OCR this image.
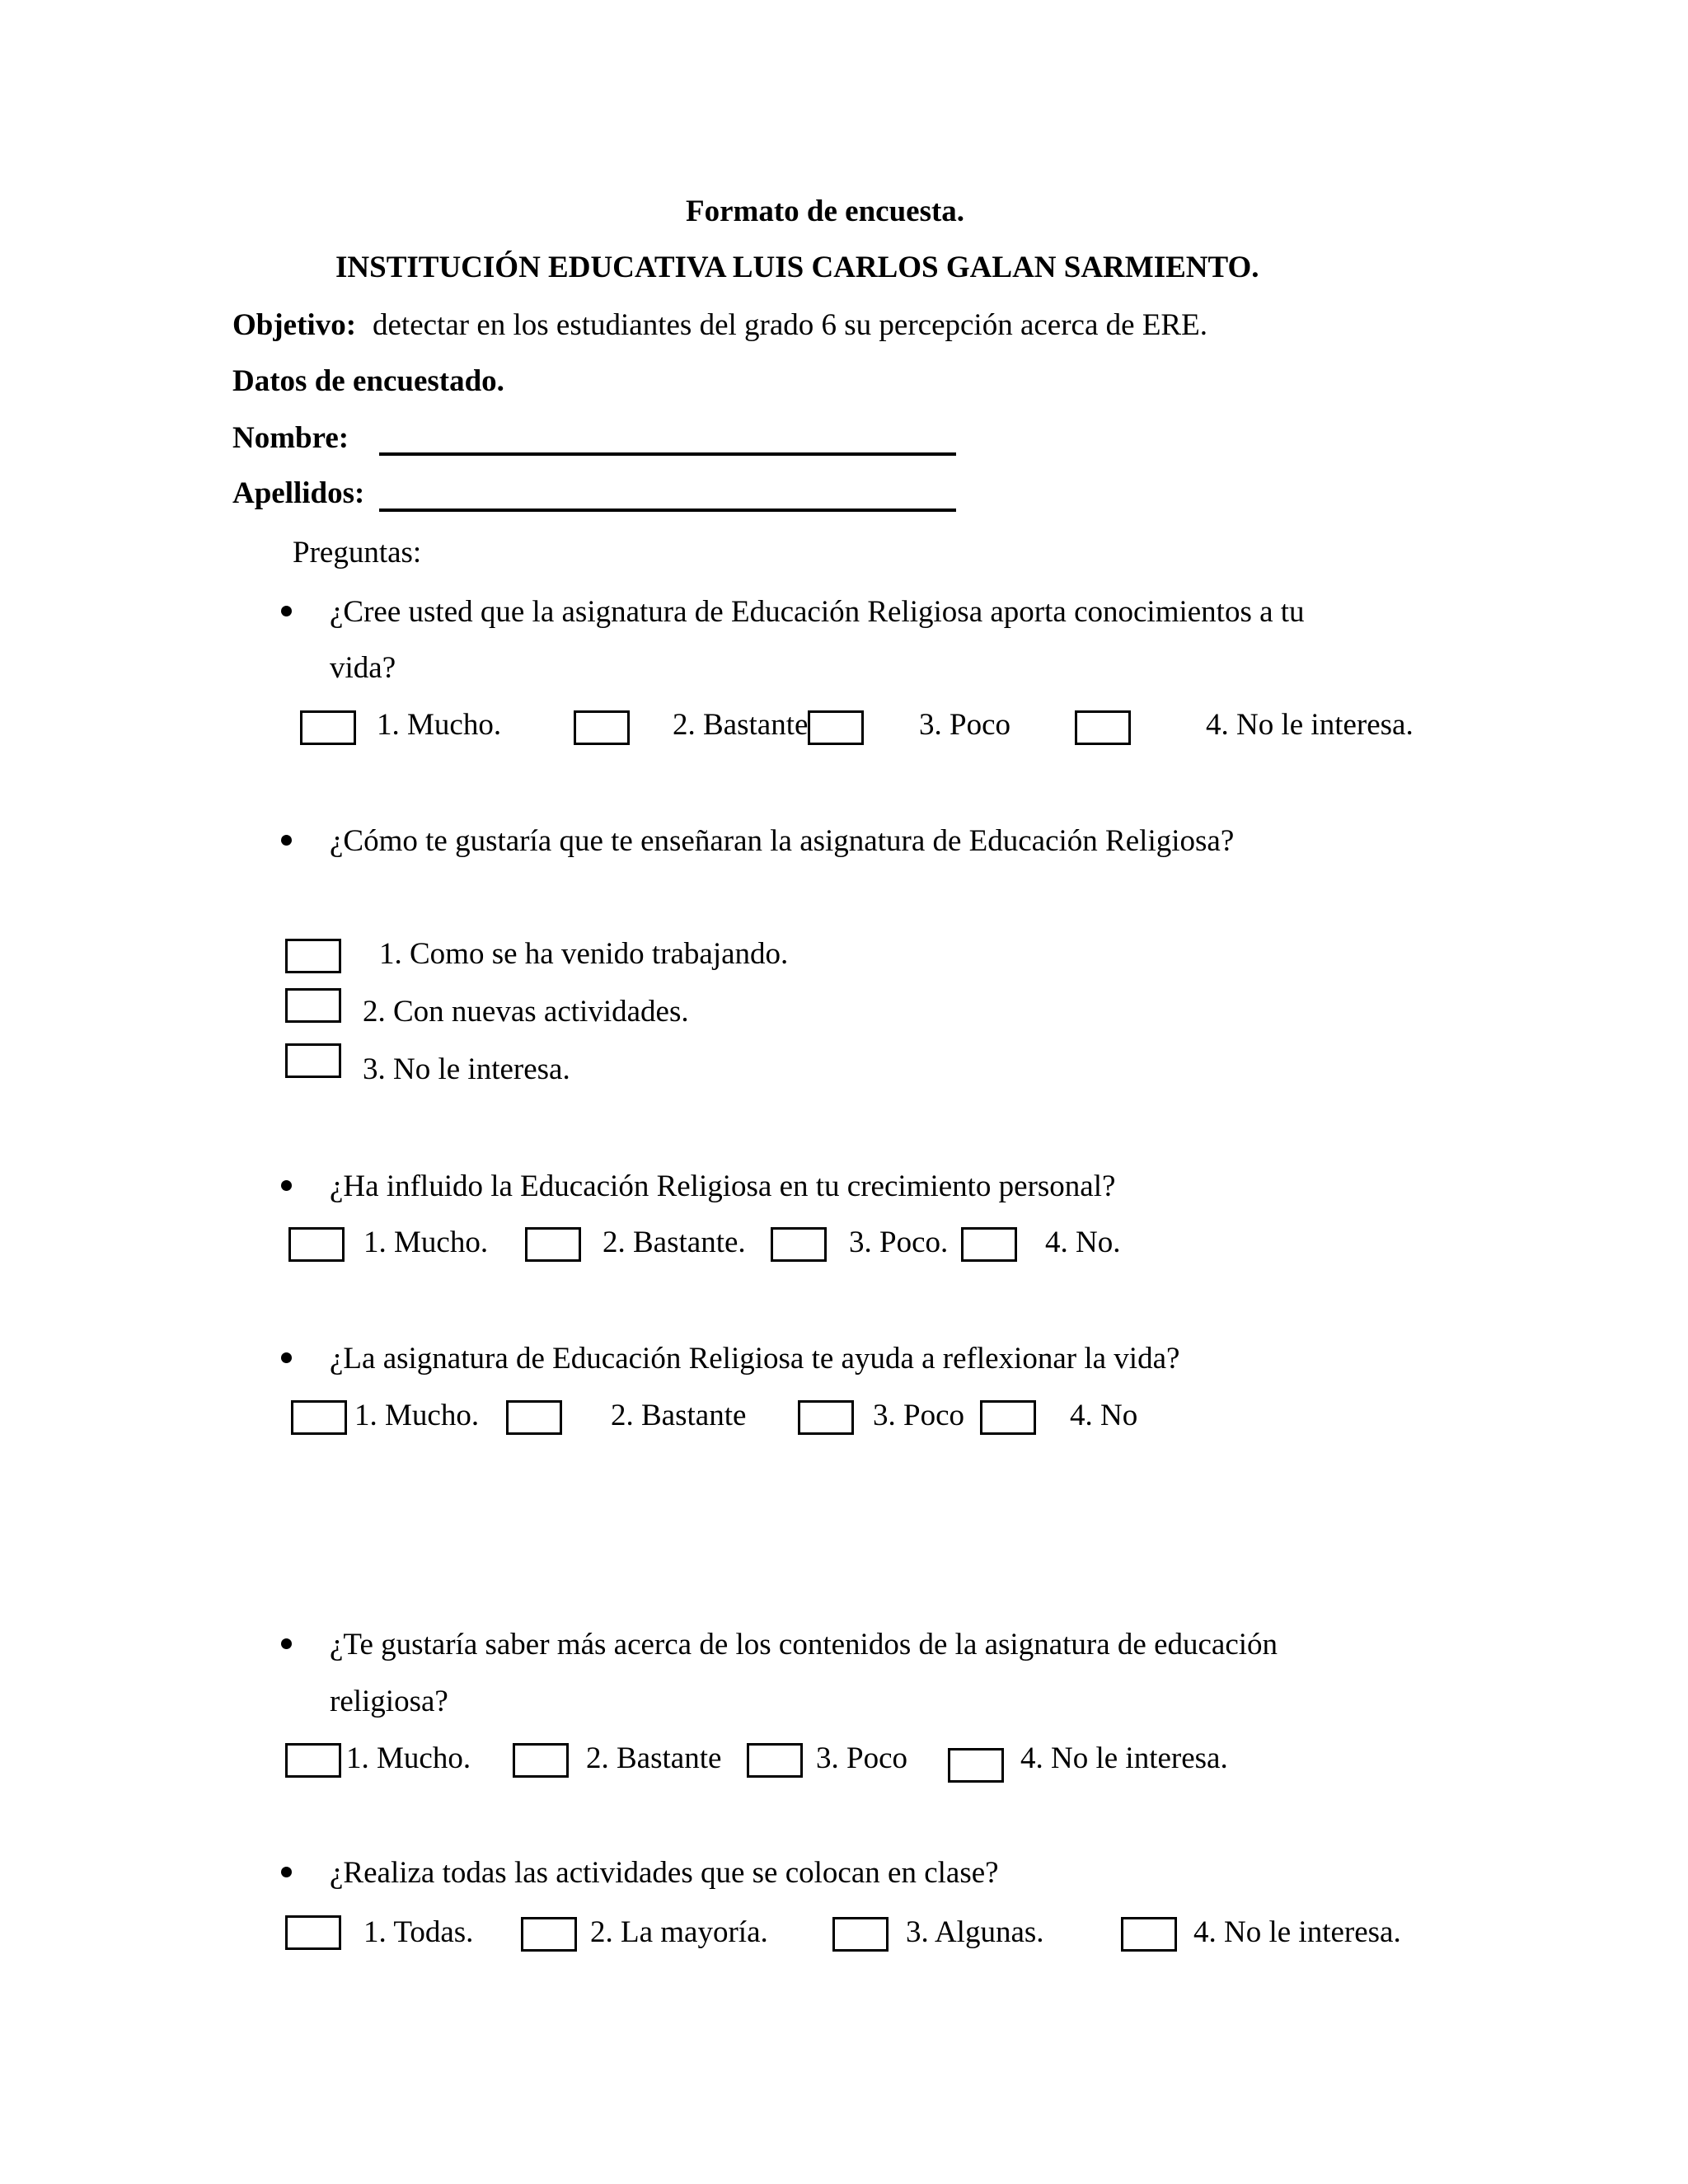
Formato de encuesta.
INSTITUCIÓN EDUCATIVA LUIS CARLOS GALAN SARMIENTO.
Objetivo: detectar en los estudiantes del grado 6 su percepción acerca de ERE.
Datos de encuestado.
Nombre:
Apellidos:
Preguntas:
¿Cree usted que la asignatura de Educación Religiosa aporta conocimientos a tu
vida?
1. Mucho.	2. Bastante	3. Poco	4. No le interesa.
¿Cómo te gustaría que te enseñaran la asignatura de Educación Religiosa?
1. Como se ha venido trabajando.
2. Con nuevas actividades.
3. No le interesa.
¿Ha influido la Educación Religiosa en tu crecimiento personal?
1. Mucho.	2. Bastante.	3. Poco.	4. No.
¿La asignatura de Educación Religiosa te ayuda a reflexionar la vida?
1. Mucho.	2. Bastante	3. Poco	4. No
¿Te gustaría saber más acerca de los contenidos de la asignatura de educación
religiosa?
1. Mucho.	2. Bastante	3. Poco	4. No le interesa.
¿Realiza todas las actividades que se colocan en clase?
1. Todas.	2. La mayoría.	3. Algunas.	4. No le interesa.
